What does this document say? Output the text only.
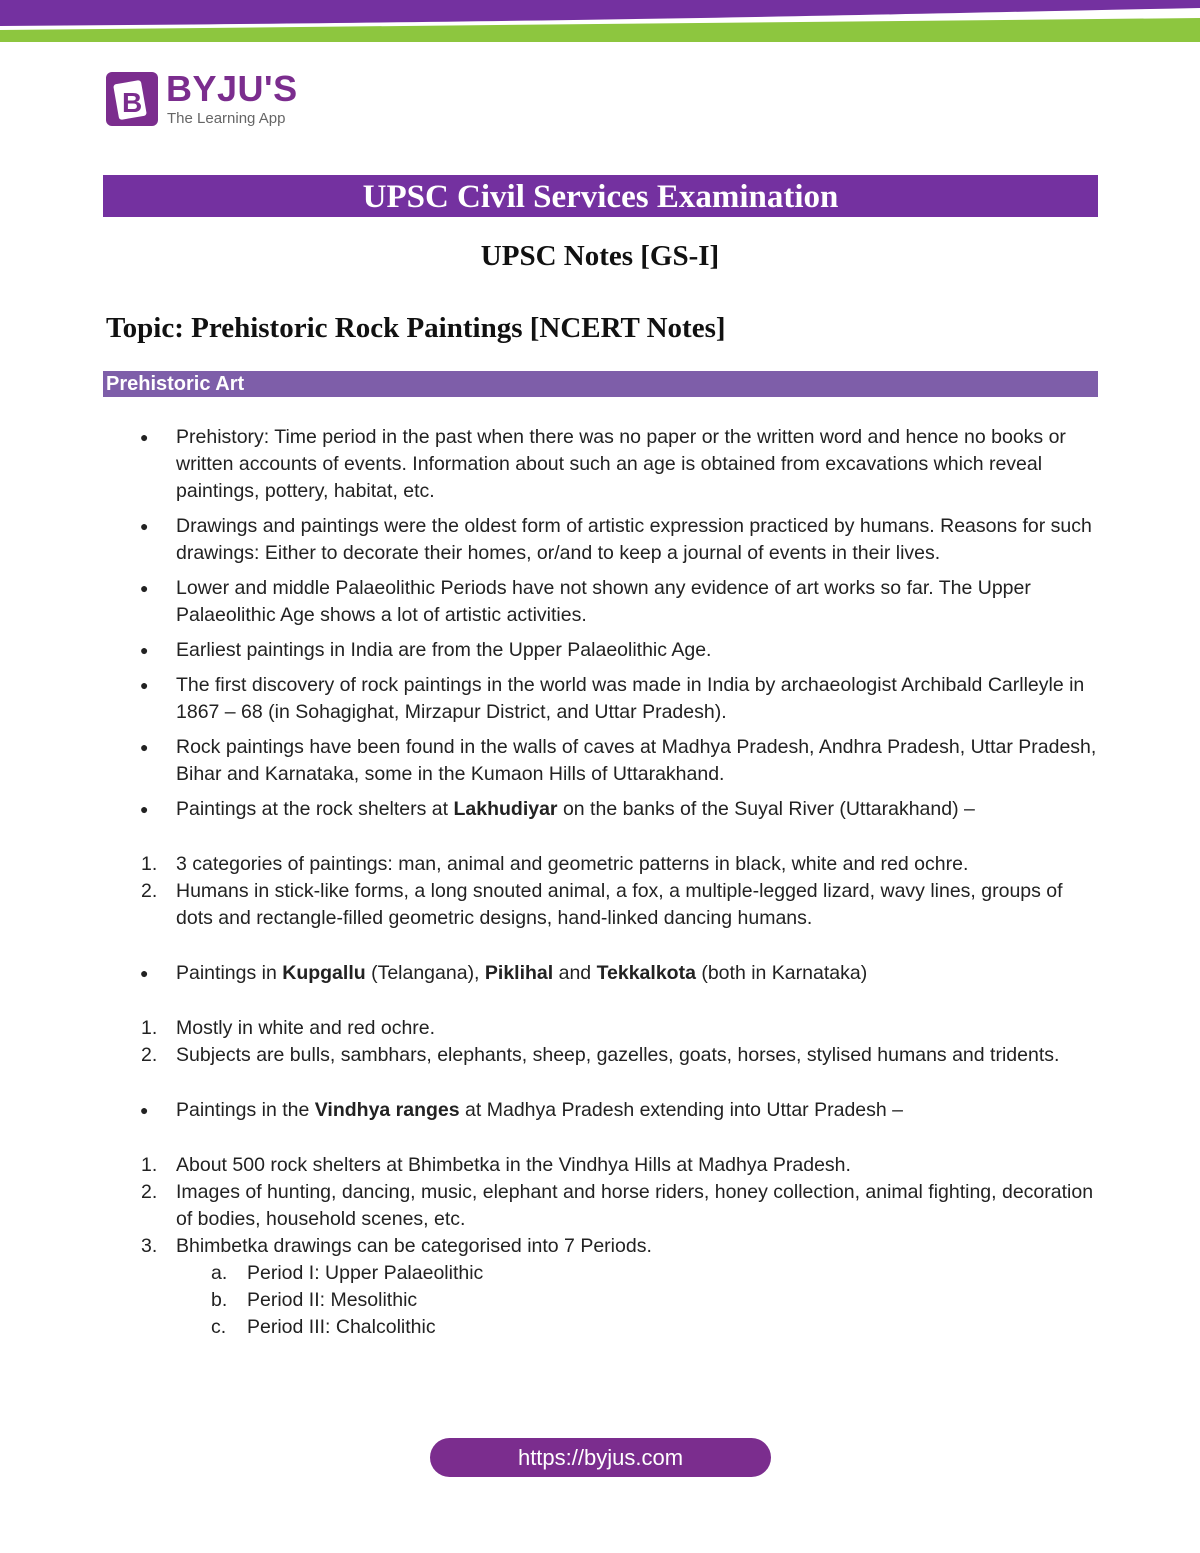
B BYJU'S
The Learning App
UPSC Civil Services Examination
UPSC Notes [GS-I]
Topic: Prehistoric Rock Paintings [NCERT Notes]
Prehistoric Art
● Prehistory: Time period in the past when there was no paper or the written word and hence no books or written accounts of events. Information about such an age is obtained from excavations which reveal paintings, pottery, habitat, etc.
● Drawings and paintings were the oldest form of artistic expression practiced by humans. Reasons for such drawings: Either to decorate their homes, or/and to keep a journal of events in their lives.
● Lower and middle Palaeolithic Periods have not shown any evidence of art works so far. The Upper Palaeolithic Age shows a lot of artistic activities.
● Earliest paintings in India are from the Upper Palaeolithic Age.
● The first discovery of rock paintings in the world was made in India by archaeologist Archibald Carlleyle in 1867 – 68 (in Sohagighat, Mirzapur District, and Uttar Pradesh).
● Rock paintings have been found in the walls of caves at Madhya Pradesh, Andhra Pradesh, Uttar Pradesh, Bihar and Karnataka, some in the Kumaon Hills of Uttarakhand.
● Paintings at the rock shelters at Lakhudiyar on the banks of the Suyal River (Uttarakhand) –
1. 3 categories of paintings: man, animal and geometric patterns in black, white and red ochre.
2. Humans in stick-like forms, a long snouted animal, a fox, a multiple-legged lizard, wavy lines, groups of dots and rectangle-filled geometric designs, hand-linked dancing humans.
● Paintings in Kupgallu (Telangana), Piklihal and Tekkalkota (both in Karnataka)
1. Mostly in white and red ochre.
2. Subjects are bulls, sambhars, elephants, sheep, gazelles, goats, horses, stylised humans and tridents.
● Paintings in the Vindhya ranges at Madhya Pradesh extending into Uttar Pradesh –
1. About 500 rock shelters at Bhimbetka in the Vindhya Hills at Madhya Pradesh.
2. Images of hunting, dancing, music, elephant and horse riders, honey collection, animal fighting, decoration of bodies, household scenes, etc.
3. Bhimbetka drawings can be categorised into 7 Periods.
a. Period I: Upper Palaeolithic
b. Period II: Mesolithic
c. Period III: Chalcolithic
https://byjus.com
